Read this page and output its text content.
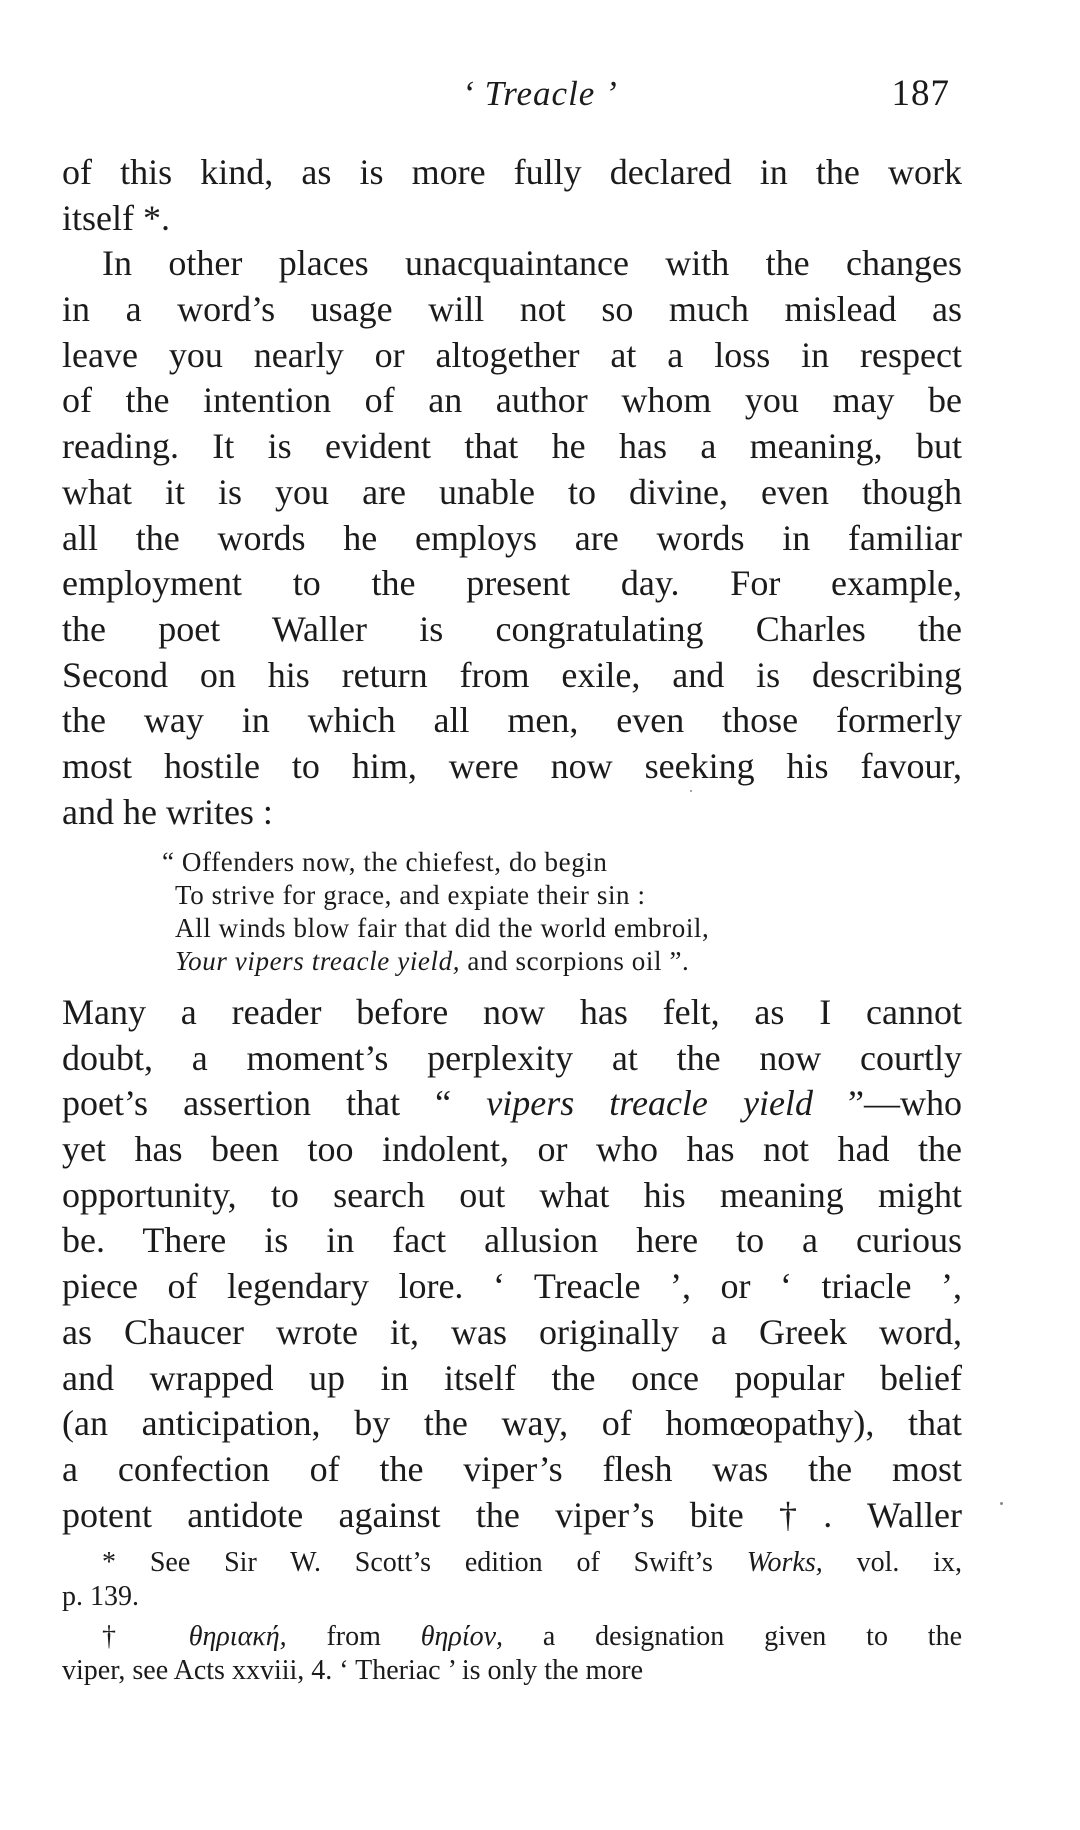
‘ Treacle ’	187
of this kind, as is more fully declared in the work
itself *.
In other places unacquaintance with the changes
in a word’s usage will not so much mislead as
leave you nearly or altogether at a loss in respect
of the intention of an author whom you may be
reading. It is evident that he has a meaning, but
what it is you are unable to divine, even though
all the words he employs are words in familiar
employment to the present day. For example,
the poet Waller is congratulating Charles the
Second on his return from exile, and is describing
the way in which all men, even those formerly
most hostile to him, were now seeking his favour,
and he writes :
“ Offenders now, the chiefest, do begin
To strive for grace, and expiate their sin :
All winds blow fair that did the world embroil,
Your vipers treacle yield, and scorpions oil ”.
Many a reader before now has felt, as I cannot
doubt, a moment’s perplexity at the now courtly
poet’s assertion that “ vipers treacle yield ”—who
yet has been too indolent, or who has not had the
opportunity, to search out what his meaning might
be. There is in fact allusion here to a curious
piece of legendary lore. ‘ Treacle ’, or ‘ triacle ’,
as Chaucer wrote it, was originally a Greek word,
and wrapped up in itself the once popular belief
(an anticipation, by the way, of homœopathy), that
a confection of the viper’s flesh was the most
potent antidote against the viper’s bite †. Waller
* See Sir W. Scott’s edition of Swift’s Works, vol. ix,
p. 139.
† θηριακή, from θηρίον, a designation given to the
viper, see Acts xxviii, 4. ‘ Theriac ’ is only the more
